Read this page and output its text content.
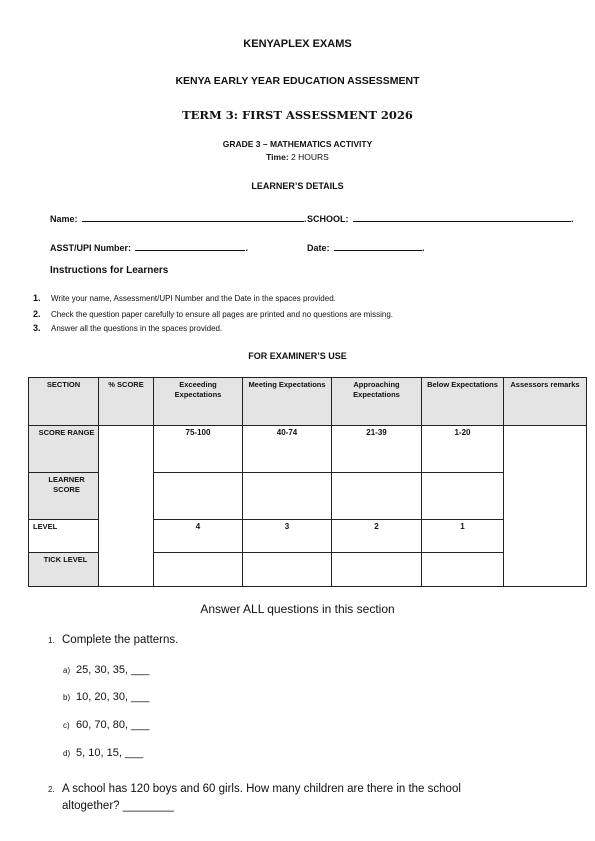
KENYAPLEX EXAMS
KENYA EARLY YEAR EDUCATION ASSESSMENT
TERM 3: FIRST ASSESSMENT 2026
GRADE 3 – MATHEMATICS ACTIVITY
Time: 2 HOURS
LEARNER’S DETAILS
Name:	. SCHOOL:	.
ASST/UPI Number:	.	Date:	.
Instructions for Learners
1. Write your name, Assessment/UPI Number and the Date in the spaces provided.
2. Check the question paper carefully to ensure all pages are printed and no questions are missing.
3. Answer all the questions in the spaces provided.
FOR EXAMINER’S USE
SECTION	% SCORE	Exceeding Expectations	Meeting Expectations	Approaching Expectations	Below Expectations	Assessors remarks
SCORE RANGE		75-100	40-74	21-39	1-20	
LEARNER SCORE						
LEVEL		4	3	2	1	
TICK LEVEL						
Answer ALL questions in this section
1. Complete the patterns.
a) 25, 30, 35, ___
b) 10, 20, 30, ___
c) 60, 70, 80, ___
d) 5, 10, 15, ___
2. A school has 120 boys and 60 girls. How many children are there in the school
altogether? ________
